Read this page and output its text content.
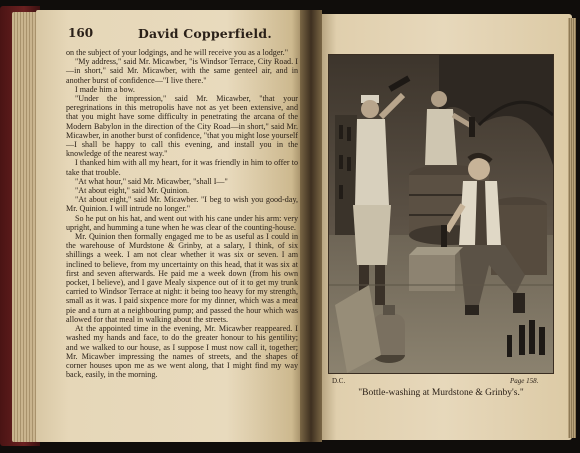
160	David Copperfield.

on the subject of your lodgings, and he will receive you as a lodger."

"My address," said Mr. Micawber, "is Windsor Terrace, City Road. I—in short," said Mr. Micawber, with the same genteel air, and in another burst of confidence—"I live there."

I made him a bow.

"Under the impression," said Mr. Micawber, "that your peregrinations in this metropolis have not as yet been extensive, and that you might have some difficulty in penetrating the arcana of the Modern Babylon in the direction of the City Road—in short," said Mr. Micawber, in another burst of confidence, "that you might lose yourself—I shall be happy to call this evening, and install you in the knowledge of the nearest way."

I thanked him with all my heart, for it was friendly in him to offer to take that trouble.

"At what hour," said Mr. Micawber, "shall I—"

"At about eight," said Mr. Quinion.

"At about eight," said Mr. Micawber. "I beg to wish you good-day, Mr. Quinion. I will intrude no longer."

So he put on his hat, and went out with his cane under his arm: very upright, and humming a tune when he was clear of the counting-house.

Mr. Quinion then formally engaged me to be as useful as I could in the warehouse of Murdstone & Grinby, at a salary, I think, of six shillings a week. I am not clear whether it was six or seven. I am inclined to believe, from my uncertainty on this head, that it was six at first and seven afterwards. He paid me a week down (from his own pocket, I believe), and I gave Mealy sixpence out of it to get my trunk carried to Windsor Terrace at night: it being too heavy for my strength, small as it was. I paid sixpence more for my dinner, which was a meat pie and a turn at a neighbouring pump; and passed the hour which was allowed for that meal in walking about the streets.

At the appointed time in the evening, Mr. Micawber reappeared. I washed my hands and face, to do the greater honour to his gentility; and we walked to our house, as I suppose I must now call it, together; Mr. Micawber impressing the names of streets, and the shapes of corner houses upon me as we went along, that I might find my way back, easily, in the morning.

D.C.	Page 158.
"Bottle-washing at Murdstone & Grinby's."
